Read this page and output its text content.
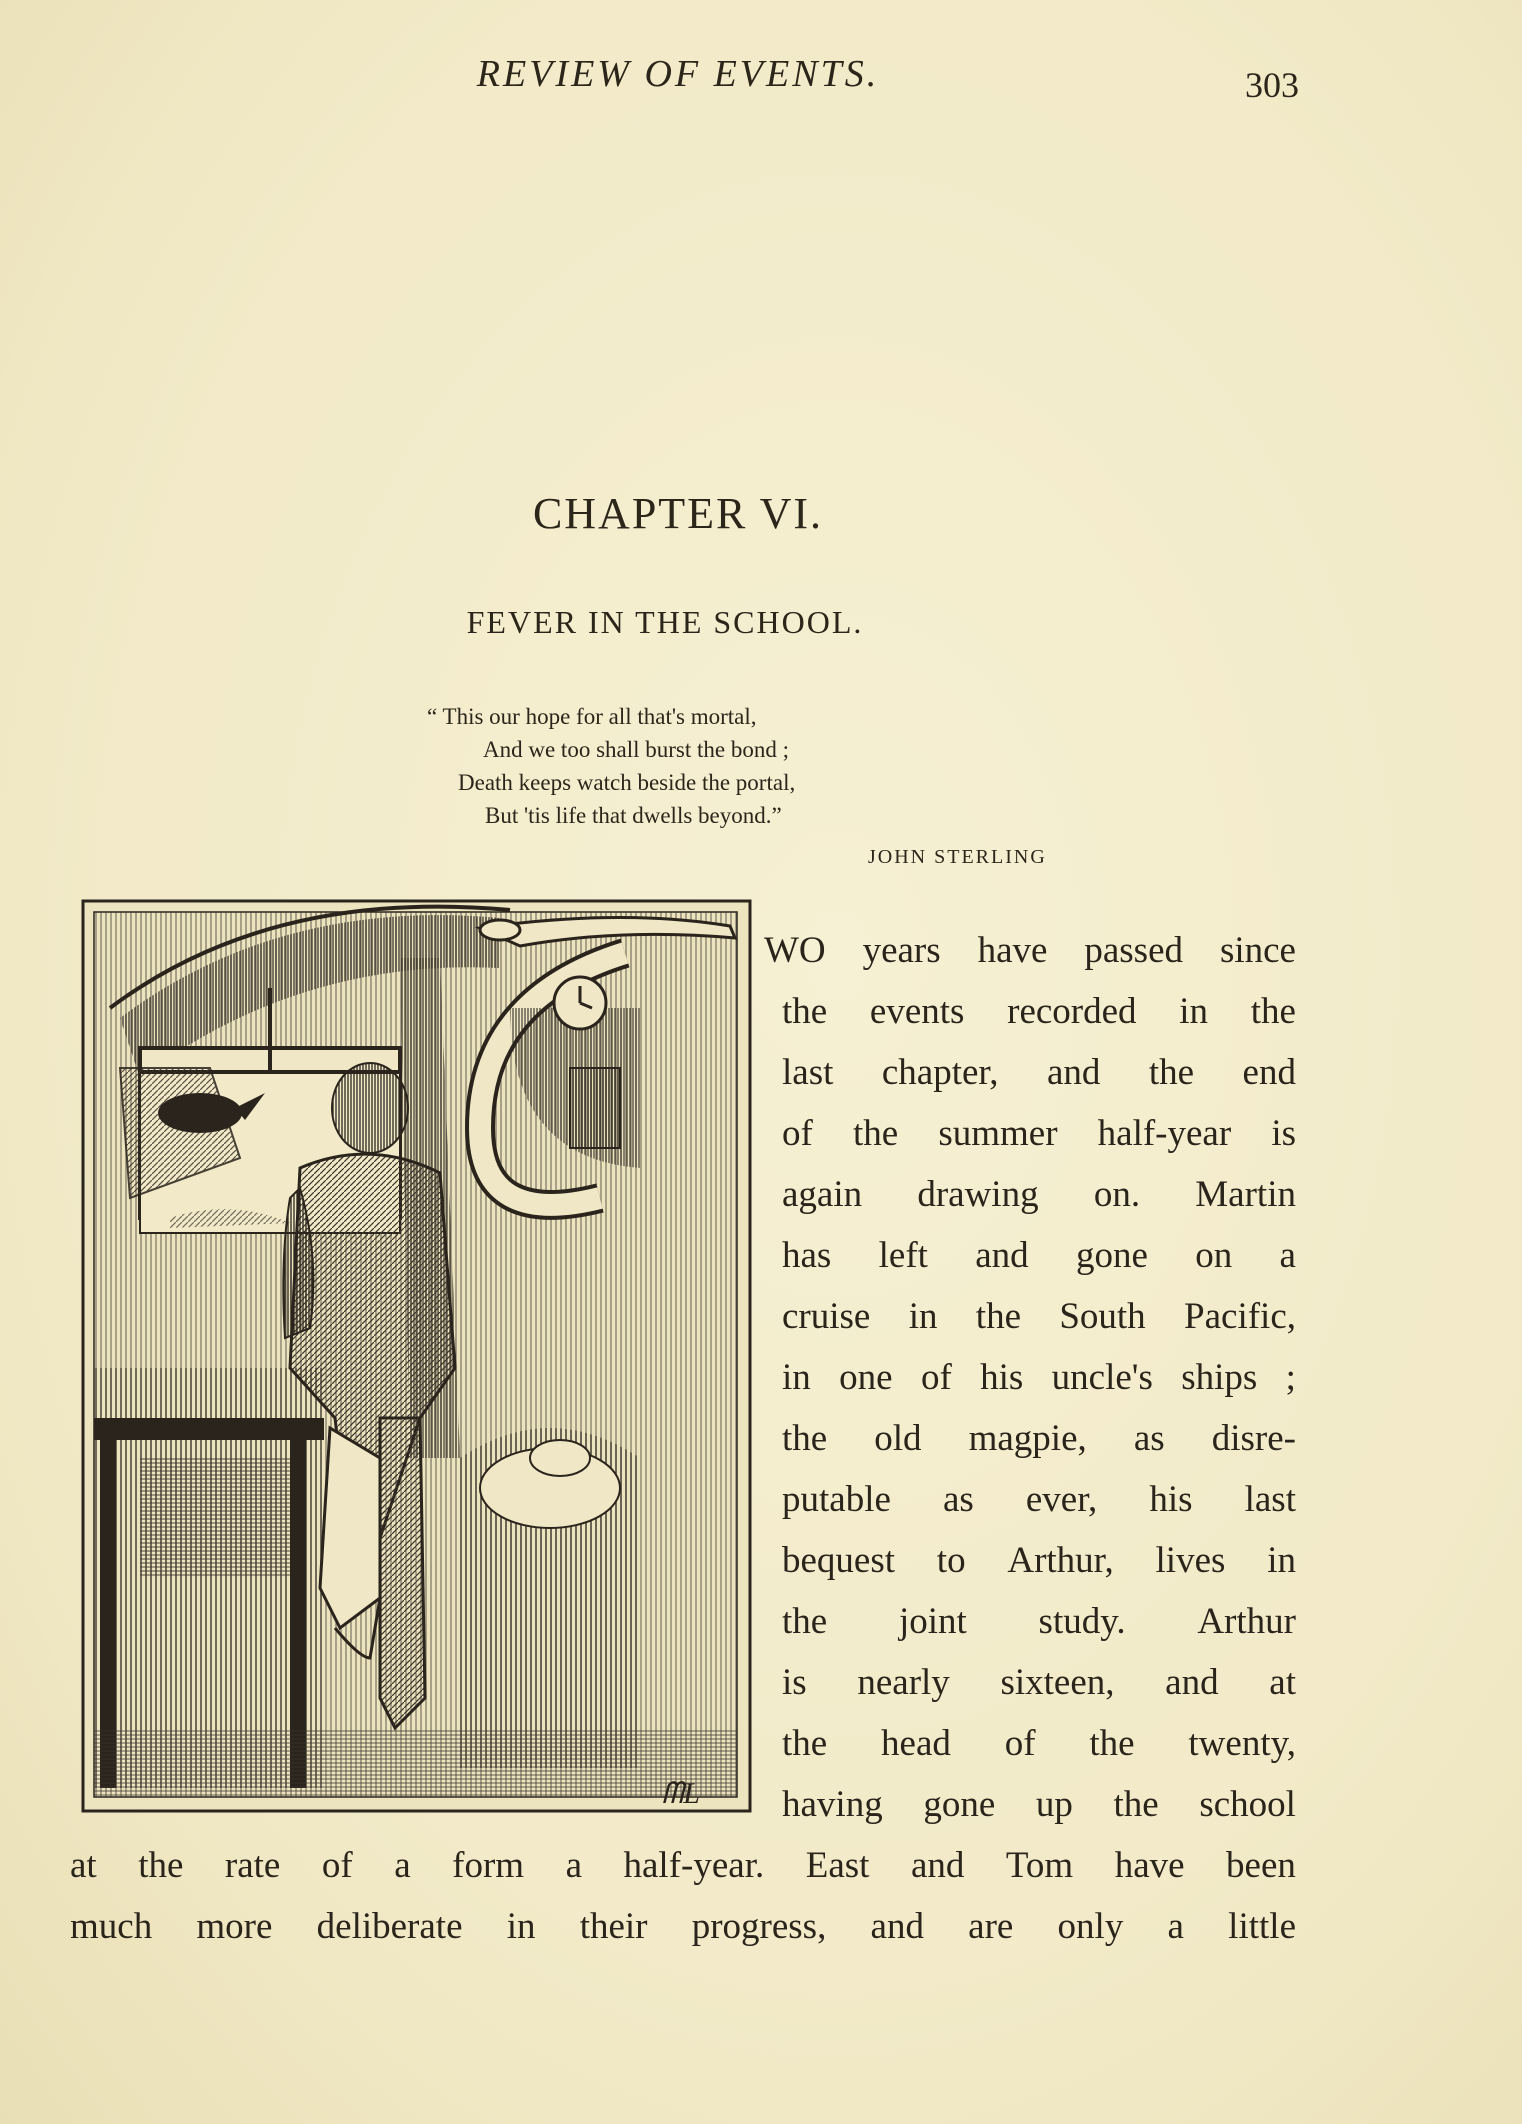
REVIEW OF EVENTS.	303
CHAPTER VI.
FEVER IN THE SCHOOL.
“ This our hope for all that's mortal,
And we too shall burst the bond ;
Death keeps watch beside the portal,
But 'tis life that dwells beyond.”
JOHN STERLING
ᗰL
WO years have passed since
the events recorded in the
last chapter, and the end
of the summer half-year is
again drawing on. Martin
has left and gone on a
cruise in the South Pacific,
in one of his uncle's ships ;
the old magpie, as disre-
putable as ever, his last
bequest to Arthur, lives in
the joint study. Arthur
is nearly sixteen, and at
the head of the twenty,
having gone up the school
at the rate of a form a half-year. East and Tom have been
much more deliberate in their progress, and are only a little
